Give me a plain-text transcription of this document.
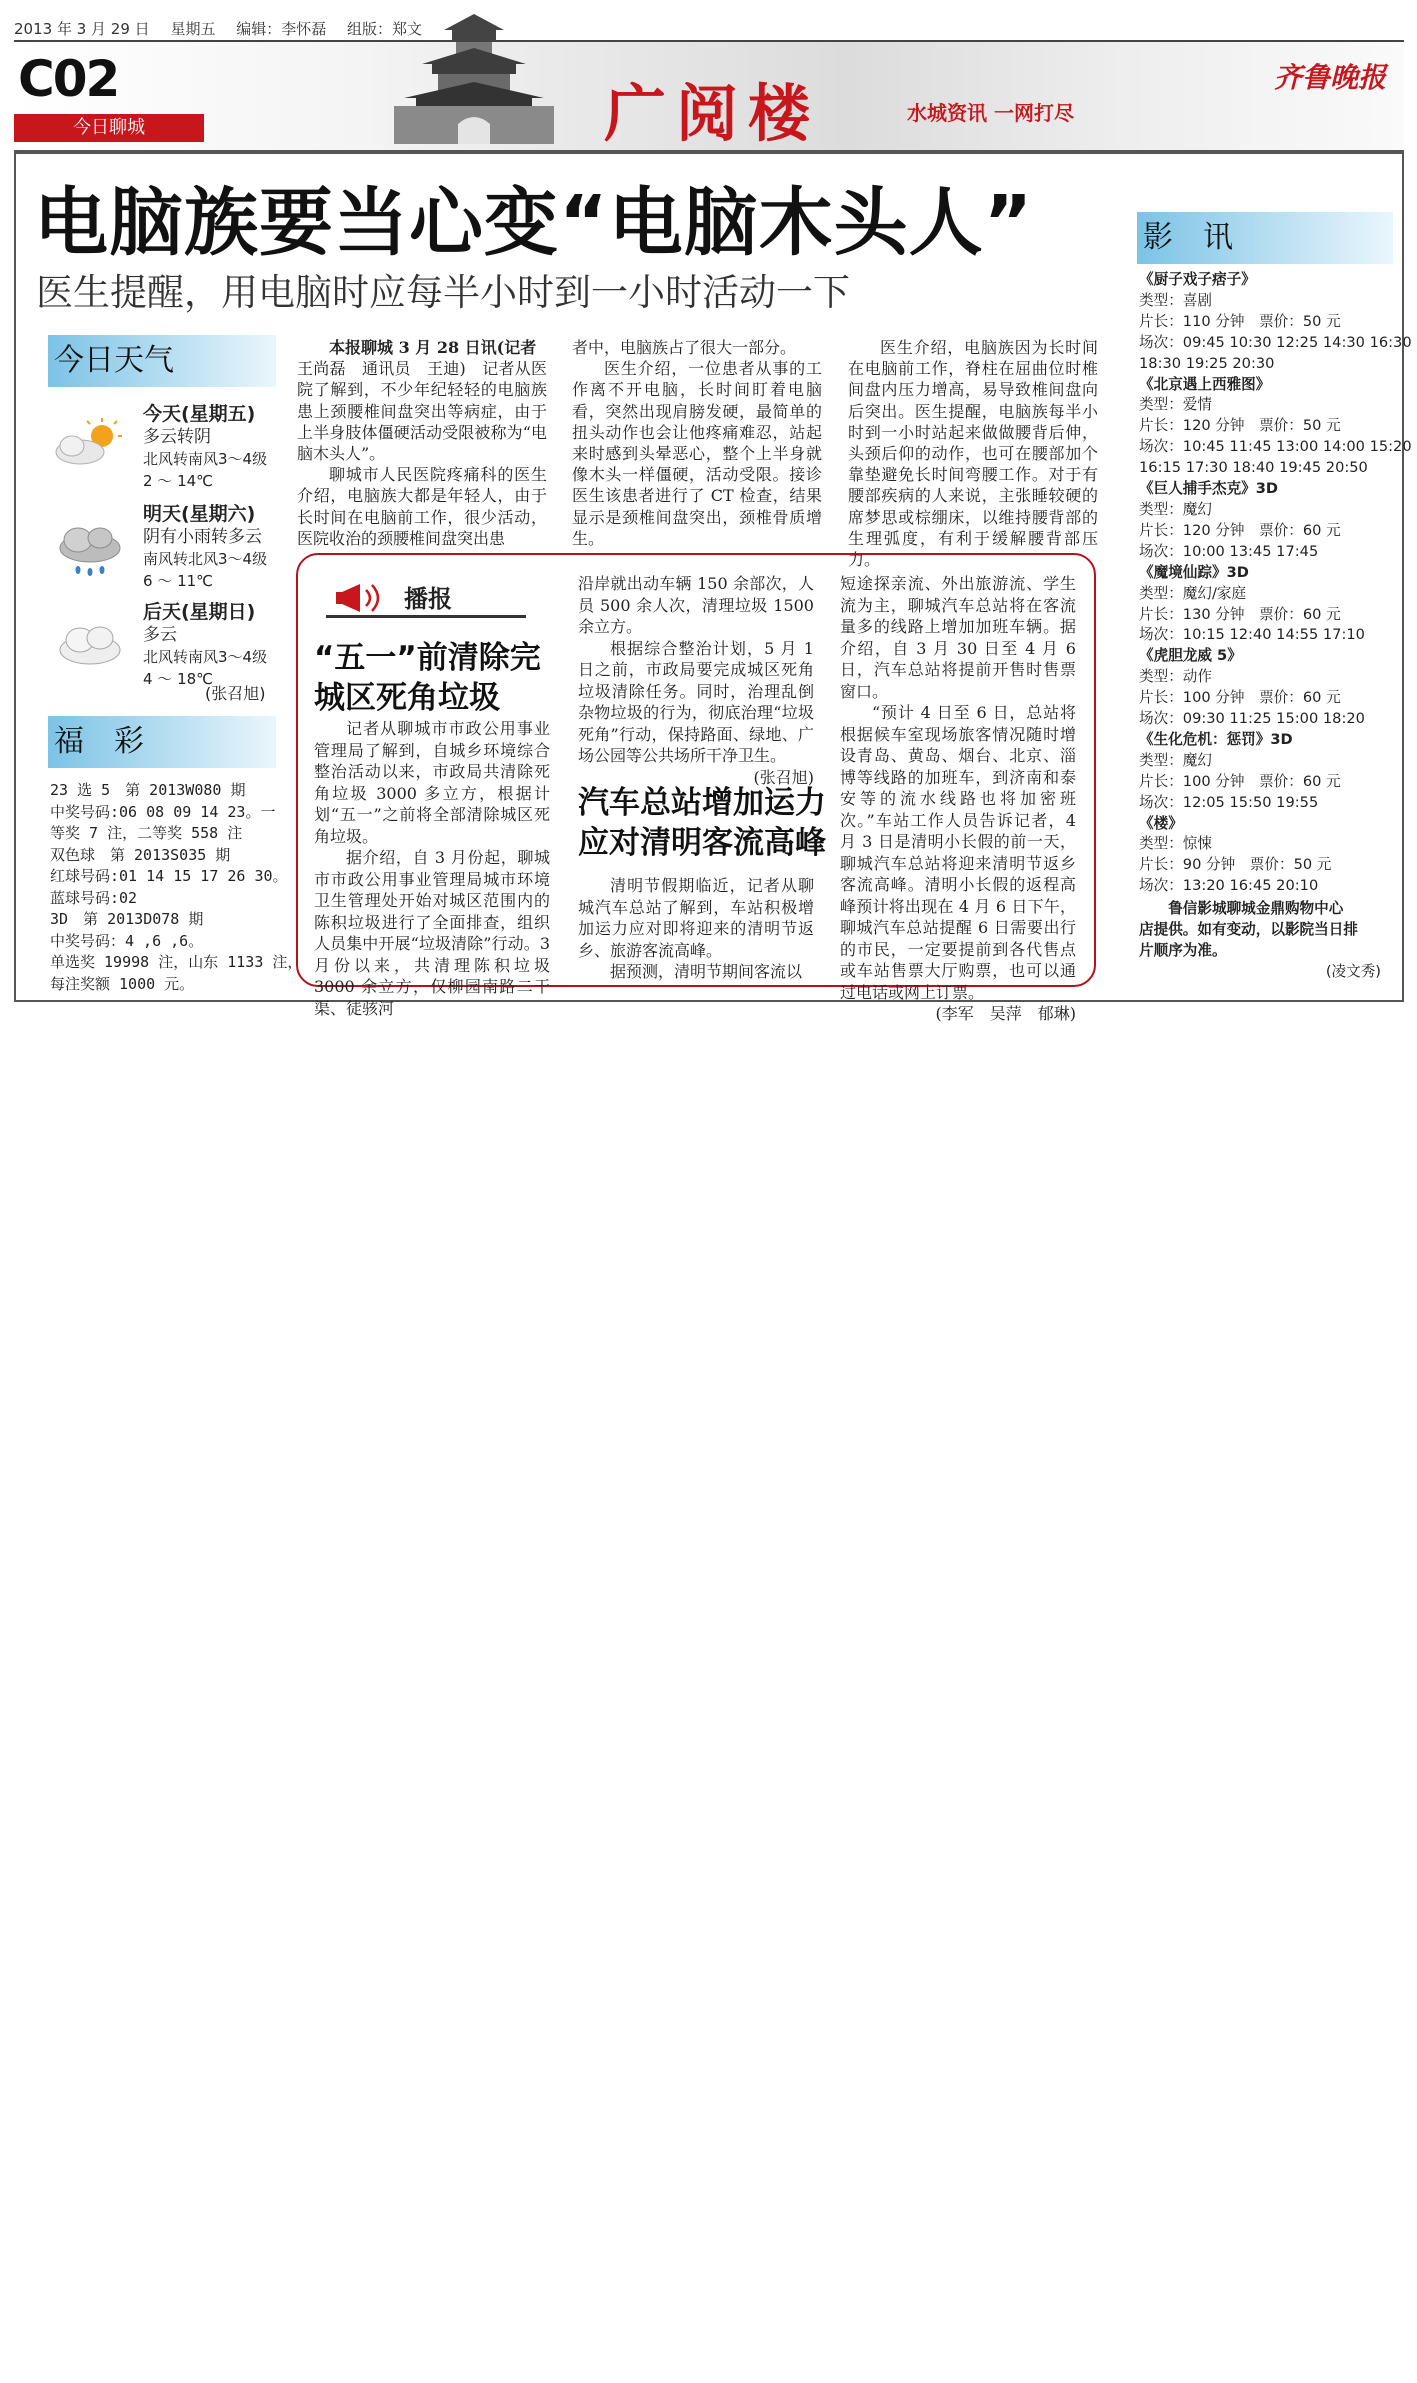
2013 年 3 月 29 日 星期五 编辑：李怀磊 组版：郑文
C02
今日聊城	广阅楼	水城资讯 一网打尽
齐鲁晚报
电脑族要当心变“电脑木头人”
医生提醒，用电脑时应每半小时到一小时活动一下
今日天气
今天(星期五)
多云转阴
北风转南风3～4级
2 ～ 14℃
明天(星期六)
阴有小雨转多云
南风转北风3～4级
6 ～ 11℃
后天(星期日)
多云
北风转南风3～4级
4 ～ 18℃
(张召旭)
福　彩
23 选 5　第 2013W080 期
中奖号码:06 08 09 14 23。一
等奖 7 注，二等奖 558 注
双色球　第 2013S035 期
红球号码:01 14 15 17 26 30。
蓝球号码:02
3D　第 2013D078 期
中奖号码：4 ,6 ,6。
单选奖 19998 注，山东 1133 注，
每注奖额 1000 元。

本报聊城 3 月 28 日讯(记者

王尚磊　通讯员　王迪)　记者从医院了解到，不少年纪轻轻的电脑族患上颈腰椎间盘突出等病症，由于上半身肢体僵硬活动受限被称为“电脑木头人”。

聊城市人民医院疼痛科的医生介绍，电脑族大都是年轻人，由于长时间在电脑前工作，很少活动，医院收治的颈腰椎间盘突出患

者中，电脑族占了很大一部分。

医生介绍，一位患者从事的工作离不开电脑，长时间盯着电脑看，突然出现肩膀发硬，最简单的扭头动作也会让他疼痛难忍，站起来时感到头晕恶心，整个上半身就像木头一样僵硬，活动受限。接诊医生该患者进行了 CT 检查，结果显示是颈椎间盘突出，颈椎骨质增生。

医生介绍，电脑族因为长时间在电脑前工作，脊柱在屈曲位时椎间盘内压力增高，易导致椎间盘向后突出。医生提醒，电脑族每半小时到一小时站起来做做腰背后伸，头颈后仰的动作，也可在腰部加个靠垫避免长时间弯腰工作。对于有腰部疾病的人来说，主张睡较硬的席梦思或棕绷床，以维持腰背部的生理弧度，有利于缓解腰背部压力。

播报
“五一”前清除完
城区死角垃圾

记者从聊城市市政公用事业管理局了解到，自城乡环境综合整治活动以来，市政局共清除死角垃圾 3000 多立方，根据计划“五一”之前将全部清除城区死角垃圾。

据介绍，自 3 月份起，聊城市市政公用事业管理局城市环境卫生管理处开始对城区范围内的陈积垃圾进行了全面排查，组织人员集中开展“垃圾清除”行动。3 月份以来，共清理陈积垃圾 3000 余立方，仅柳园南路二干渠、徒骇河

沿岸就出动车辆 150 余部次，人员 500 余人次，清理垃圾 1500 余立方。

根据综合整治计划，5 月 1 日之前，市政局要完成城区死角垃圾清除任务。同时，治理乱倒杂物垃圾的行为，彻底治理“垃圾死角”行动，保持路面、绿地、广场公园等公共场所干净卫生。

(张召旭)
汽车总站增加运力
应对清明客流高峰

清明节假期临近，记者从聊城汽车总站了解到，车站积极增加运力应对即将迎来的清明节返乡、旅游客流高峰。

据预测，清明节期间客流以

短途探亲流、外出旅游流、学生流为主，聊城汽车总站将在客流量多的线路上增加加班车辆。据介绍，自 3 月 30 日至 4 月 6 日，汽车总站将提前开售时售票窗口。

“预计 4 日至 6 日，总站将根据候车室现场旅客情况随时增设青岛、黄岛、烟台、北京、淄博等线路的加班车，到济南和泰安等的流水线路也将加密班次。”车站工作人员告诉记者，4 月 3 日是清明小长假的前一天，聊城汽车总站将迎来清明节返乡客流高峰。清明小长假的返程高峰预计将出现在 4 月 6 日下午，聊城汽车总站提醒 6 日需要出行的市民，一定要提前到各代售点或车站售票大厅购票，也可以通过电话或网上订票。

(李军　吴萍　郁琳)
影　讯
《厨子戏子痞子》
类型：喜剧
片长：110 分钟　 票价：50 元
场次：09:45 10:30 12:25 14:30 16:30
18:30 19:25 20:30
《北京遇上西雅图》
类型：爱情
片长：120 分钟　 票价：50 元
场次：10:45 11:45 13:00 14:00 15:20
16:15 17:30 18:40 19:45 20:50
《巨人捕手杰克》3D
类型：魔幻
片长：120 分钟　 票价：60 元
场次：10:00 13:45 17:45
《魔境仙踪》3D
类型：魔幻/家庭
片长：130 分钟　 票价：60 元
场次：10:15 12:40 14:55 17:10
《虎胆龙威 5》
类型：动作
片长：100 分钟　 票价：60 元
场次：09:30 11:25 15:00 18:20
《生化危机：惩罚》3D
类型：魔幻
片长：100 分钟　 票价：60 元
场次：12:05 15:50 19:55
《楼》
类型：惊悚
片长：90 分钟　 票价：50 元
场次：13:20 16:45 20:10
鲁信影城聊城金鼎购物中心
店提供。如有变动，以影院当日排
片顺序为准。
(凌文秀)
